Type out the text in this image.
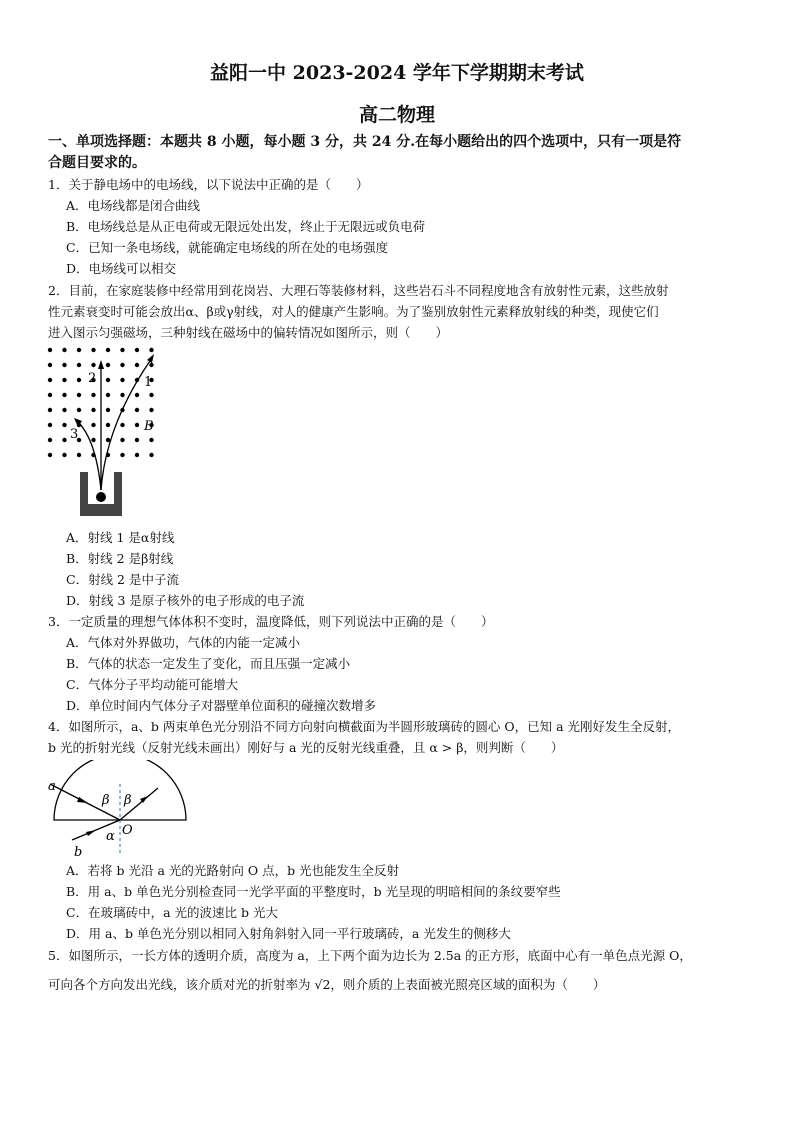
益阳一中 2023-2024 学年下学期期末考试
高二物理
一、单项选择题：本题共 8 小题，每小题 3 分，共 24 分.在每小题给出的四个选项中，只有一项是符
合题目要求的。
1．关于静电场中的电场线，以下说法中正确的是（　　）
A．电场线都是闭合曲线
B．电场线总是从正电荷或无限远处出发，终止于无限远或负电荷
C．已知一条电场线，就能确定电场线的所在处的电场强度
D．电场线可以相交
2．目前，在家庭装修中经常用到花岗岩、大理石等装修材料，这些岩石斗不同程度地含有放射性元素，这些放射
性元素衰变时可能会放出α、β或γ射线，对人的健康产生影响。为了鉴别放射性元素释放射线的种类，现使它们
进入图示匀强磁场，三种射线在磁场中的偏转情况如图所示，则（　　）
2	1
3
B
A．射线 1 是α射线
B．射线 2 是β射线
C．射线 2 是中子流
D．射线 3 是原子核外的电子形成的电子流
3．一定质量的理想气体体积不变时，温度降低，则下列说法中正确的是（　　）
A．气体对外界做功，气体的内能一定减小
B．气体的状态一定发生了变化，而且压强一定减小
C．气体分子平均动能可能增大
D．单位时间内气体分子对器壁单位面积的碰撞次数增多
4．如图所示，a、b 两束单色光分别沿不同方向射向横截面为半圆形玻璃砖的圆心 O，已知 a 光刚好发生全反射，
b 光的折射光线（反射光线未画出）刚好与 a 光的反射光线重叠，且 α > β，则判断（　　）
a
b
β β
α O
A．若将 b 光沿 a 光的光路射向 O 点，b 光也能发生全反射
B．用 a、b 单色光分别检查同一光学平面的平整度时，b 光呈现的明暗相间的条纹要窄些
C．在玻璃砖中，a 光的波速比 b 光大
D．用 a、b 单色光分别以相同入射角斜射入同一平行玻璃砖，a 光发生的侧移大
5．如图所示，一长方体的透明介质，高度为 a，上下两个面为边长为 2.5a 的正方形，底面中心有一单色点光源 O，
可向各个方向发出光线，该介质对光的折射率为 √2，则介质的上表面被光照亮区域的面积为（　　）
